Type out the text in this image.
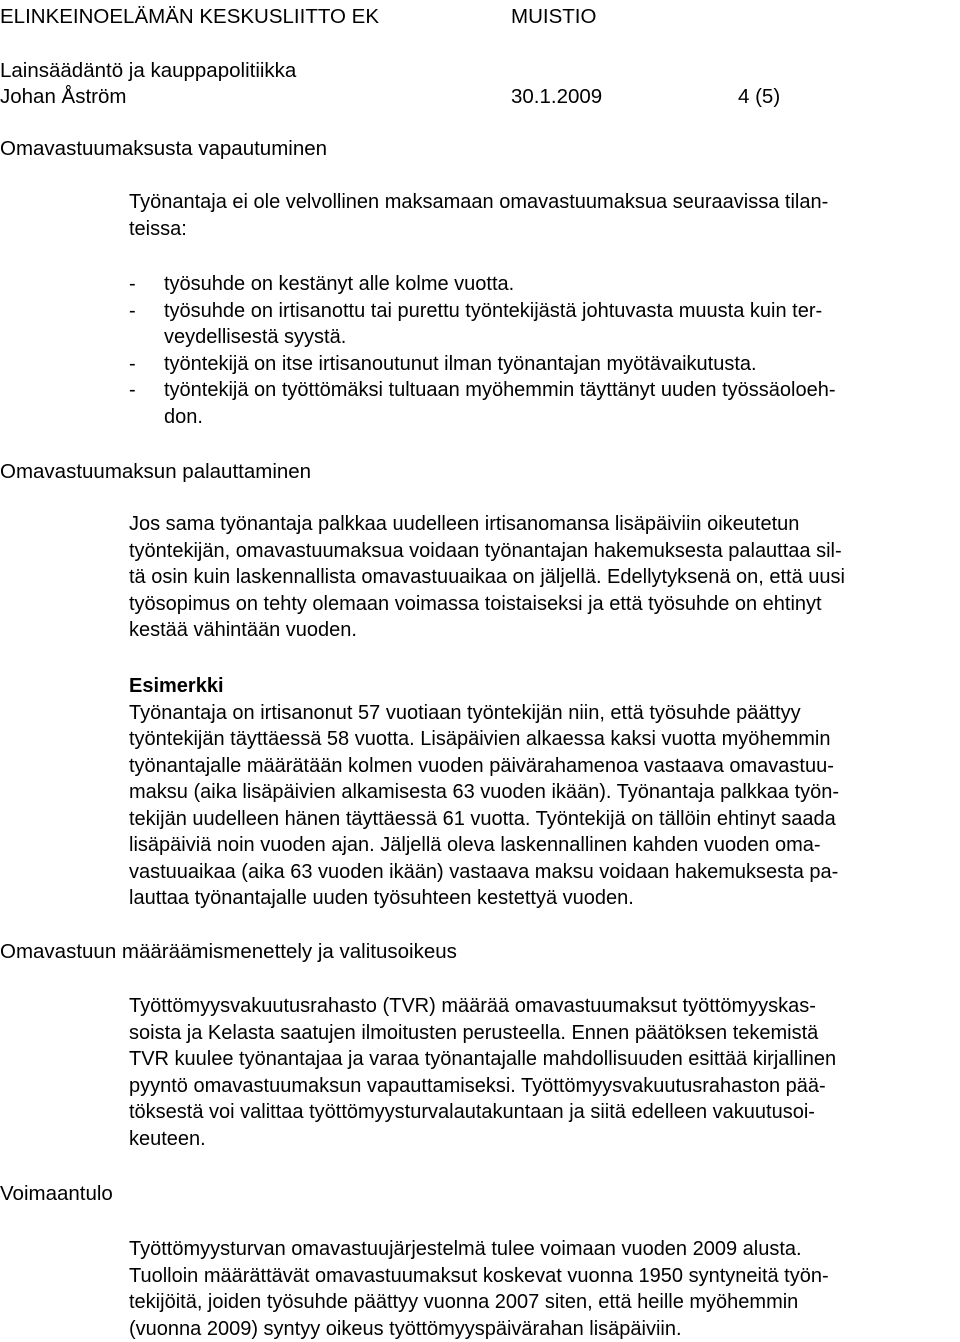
ELINKEINOELÄMÄN KESKUSLIITTO EK	MUISTIO
Lainsäädäntö ja kauppapolitiikka
Johan Åström	30.1.2009	4 (5)
Omavastuumaksusta vapautuminen
Työnantaja ei ole velvollinen maksamaan omavastuumaksua seuraavissa tilan-
teissa:
- työsuhde on kestänyt alle kolme vuotta.
- työsuhde on irtisanottu tai purettu työntekijästä johtuvasta muusta kuin ter-
veydellisestä syystä.
- työntekijä on itse irtisanoutunut ilman työnantajan myötävaikutusta.
- työntekijä on työttömäksi tultuaan myöhemmin täyttänyt uuden työssäoloeh-
don.
Omavastuumaksun palauttaminen
Jos sama työnantaja palkkaa uudelleen irtisanomansa lisäpäiviin oikeutetun
työntekijän, omavastuumaksua voidaan työnantajan hakemuksesta palauttaa sil-
tä osin kuin laskennallista omavastuuaikaa on jäljellä. Edellytyksenä on, että uusi
työsopimus on tehty olemaan voimassa toistaiseksi ja että työsuhde on ehtinyt
kestää vähintään vuoden.
Esimerkki
Työnantaja on irtisanonut 57 vuotiaan työntekijän niin, että työsuhde päättyy
työntekijän täyttäessä 58 vuotta. Lisäpäivien alkaessa kaksi vuotta myöhemmin
työnantajalle määrätään kolmen vuoden päivärahamenoa vastaava omavastuu-
maksu (aika lisäpäivien alkamisesta 63 vuoden ikään). Työnantaja palkkaa työn-
tekijän uudelleen hänen täyttäessä 61 vuotta. Työntekijä on tällöin ehtinyt saada
lisäpäiviä noin vuoden ajan. Jäljellä oleva laskennallinen kahden vuoden oma-
vastuuaikaa (aika 63 vuoden ikään) vastaava maksu voidaan hakemuksesta pa-
lauttaa työnantajalle uuden työsuhteen kestettyä vuoden.
Omavastuun määräämismenettely ja valitusoikeus
Työttömyysvakuutusrahasto (TVR) määrää omavastuumaksut työttömyyskas-
soista ja Kelasta saatujen ilmoitusten perusteella. Ennen päätöksen tekemistä
TVR kuulee työnantajaa ja varaa työnantajalle mahdollisuuden esittää kirjallinen
pyyntö omavastuumaksun vapauttamiseksi. Työttömyysvakuutusrahaston pää-
töksestä voi valittaa työttömyysturvalautakuntaan ja siitä edelleen vakuutusoi-
keuteen.
Voimaantulo
Työttömyysturvan omavastuujärjestelmä tulee voimaan vuoden 2009 alusta.
Tuolloin määrättävät omavastuumaksut koskevat vuonna 1950 syntyneitä työn-
tekijöitä, joiden työsuhde päättyy vuonna 2007 siten, että heille myöhemmin
(vuonna 2009) syntyy oikeus työttömyyspäivärahan lisäpäiviin.
